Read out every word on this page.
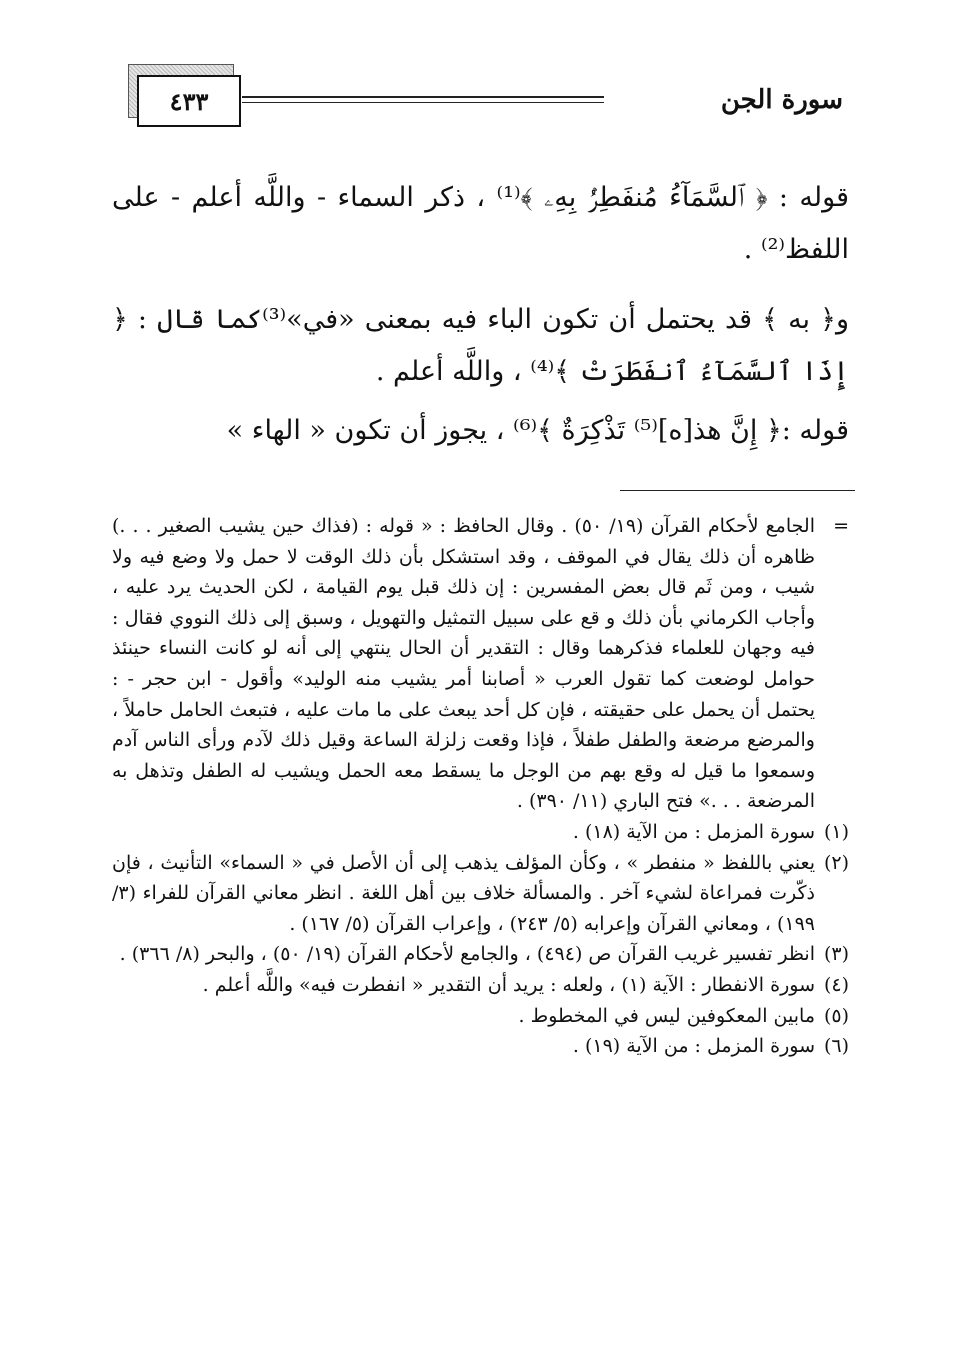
٤٣٣	سورة الجن

قوله : ﴿ ٱلسَّمَآءُ مُنفَطِرُۢ بِهِۦ ﴾⁽¹⁾ ، ذكر السماء - واللَّه أعلم - على اللفظ⁽²⁾ .

و﴿ به ﴾ قد يحتمل أن تكون الباء فيه بمعنى «في»⁽³⁾كما قال : ﴿ إِذَا ٱلسَّمَآءُ ٱنفَطَرَتْ ﴾⁽⁴⁾ ، واللَّه أعلم .

قوله :﴿ إِنَّ هذ[ه]⁽⁵⁾ تَذْكِرَةٌ ﴾⁽⁶⁾ ، يجوز أن تكون « الهاء »

=الجامع لأحكام القرآن (١٩/ ٥٠) . وقال الحافظ : « قوله : (فذاك حين يشيب الصغير . . .) ظاهره أن ذلك يقال في الموقف ، وقد استشكل بأن ذلك الوقت لا حمل ولا وضع فيه ولا شيب ، ومن ثَم قال بعض المفسرين : إن ذلك قبل يوم القيامة ، لكن الحديث يرد عليه ، وأجاب الكرماني بأن ذلك و قع على سبيل التمثيل والتهويل ، وسبق إلى ذلك النووي فقال : فيه وجهان للعلماء فذكرهما وقال : التقدير أن الحال ينتهي إلى أنه لو كانت النساء حينئذ حوامل لوضعت كما تقول العرب « أصابنا أمر يشيب منه الوليد» وأقول - ابن حجر - : يحتمل أن يحمل على حقيقته ، فإن كل أحد يبعث على ما مات عليه ، فتبعث الحامل حاملاً ، والمرضع مرضعة والطفل طفلاً ، فإذا وقعت زلزلة الساعة وقيل ذلك لآدم ورأى الناس آدم وسمعوا ما قيل له وقع بهم من الوجل ما يسقط معه الحمل ويشيب له الطفل وتذهل به المرضعة . . .» فتح الباري (١١/ ٣٩٠) .

(١)سورة المزمل : من الآية (١٨) .

(٢)يعني باللفظ « منفطر » ، وكأن المؤلف يذهب إلى أن الأصل في « السماء» التأنيث ، فإن ذكّرت فمراعاة لشيء آخر . والمسألة خلاف بين أهل اللغة . انظر معاني القرآن للفراء (٣/ ١٩٩) ، ومعاني القرآن وإعرابه (٥/ ٢٤٣) ، وإعراب القرآن (٥/ ١٦٧) .

(٣)انظر تفسير غريب القرآن ص (٤٩٤) ، والجامع لأحكام القرآن (١٩/ ٥٠) ، والبحر (٨/ ٣٦٦) .

(٤)سورة الانفطار : الآية (١) ، ولعله : يريد أن التقدير « انفطرت فيه» واللَّه أعلم .

(٥)مابين المعكوفين ليس في المخطوط .

(٦)سورة المزمل : من الآية (١٩) .
